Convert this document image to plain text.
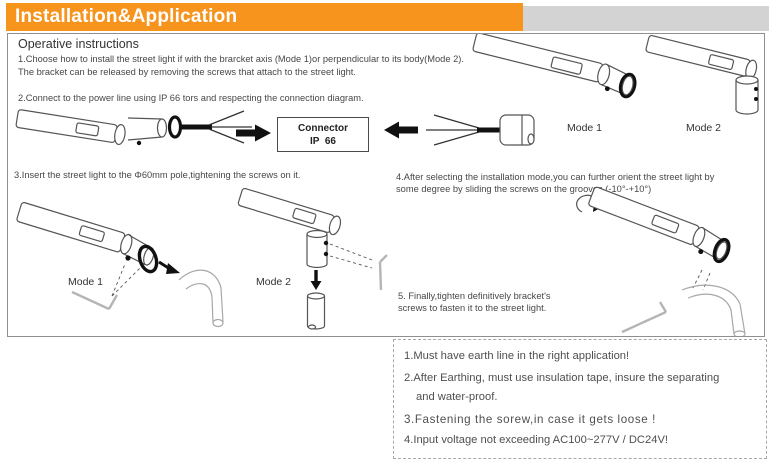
Installation&Application
Operative instructions
1.Choose how to install the street light if with the brarcket axis (Mode 1)or perpendicular to its body(Mode 2).
The bracket can be released by removing the screws that attach to the street light.
2.Connect to the power line using IP 66 tors and respecting the connection diagram.
3.Insert the street light to the Φ60mm pole,tightening the screws on it.	4.After selecting the installation mode,you can further orient the street light by
some degree by sliding the screws on the grooves.(-10°-+10°)
5. Finally,tighten definitively bracket's
screws to fasten it to the street light.
Mode 1	Mode 2
Connector
IP  66
Mode 1	Mode 2
1.Must have earth line in the right application!
2.After Earthing, must use insulation tape, insure the separating
and water-proof.
3.Fastening the sorew,in case it gets loose !
4.Input voltage not exceeding AC100~277V / DC24V!
